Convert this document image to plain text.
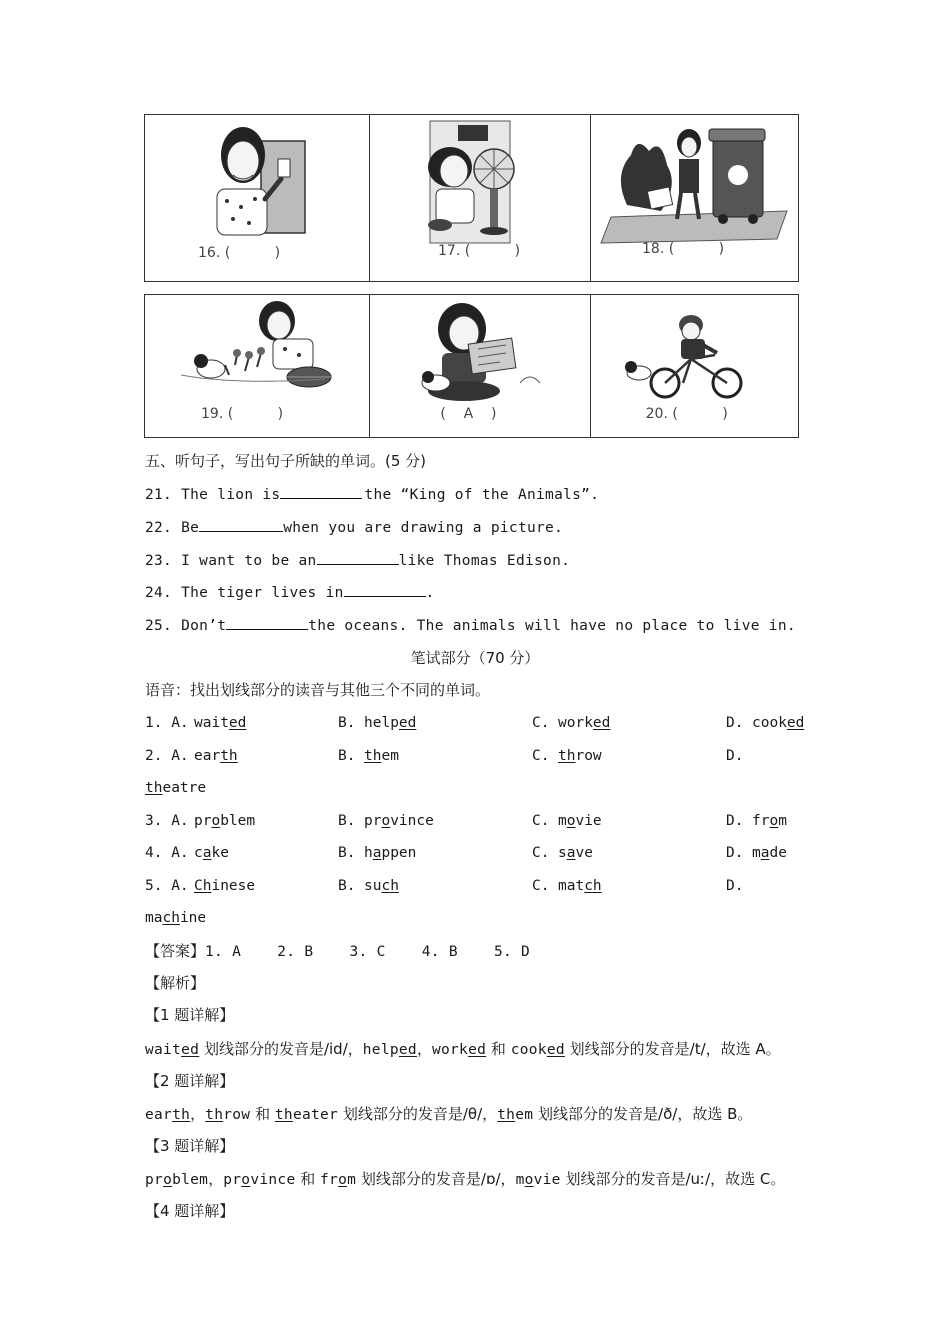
16. (          )	17. (          )	18. (          )
19. (          )	(    A    )	20. (          )
五、听句子，写出句子所缺的单词。(5 分)
21. The lion is	the “King of the Animals”.
22. Be	when you are drawing a picture.
23. I want to be an	like Thomas Edison.
24. The tiger lives in	.
25. Don’t	the oceans. The animals will have no place to live in.
笔试部分（70 分）
语音：找出划线部分的读音与其他三个不同的单词。
1. A. waited	B. helped	C. worked	D. cooked
2. A. earth	B. them	C. throw	D.
theatre
3. A. problem	B. province	C. movie	D. from
4. A. cake	B. happen	C. save	D. made
5. A. Chinese	B. such	C. match	D.
machine
【答案】1. A    2. B    3. C    4. B    5. D
【解析】
【1 题详解】
waited 划线部分的发音是/id/，helped，worked 和 cooked 划线部分的发音是/t/，故选 A。
【2 题详解】
earth，throw 和 theater 划线部分的发音是/θ/，them 划线部分的发音是/ð/，故选 B。
【3 题详解】
problem，province 和 from 划线部分的发音是/ɒ/，movie 划线部分的发音是/uː/，故选 C。
【4 题详解】
